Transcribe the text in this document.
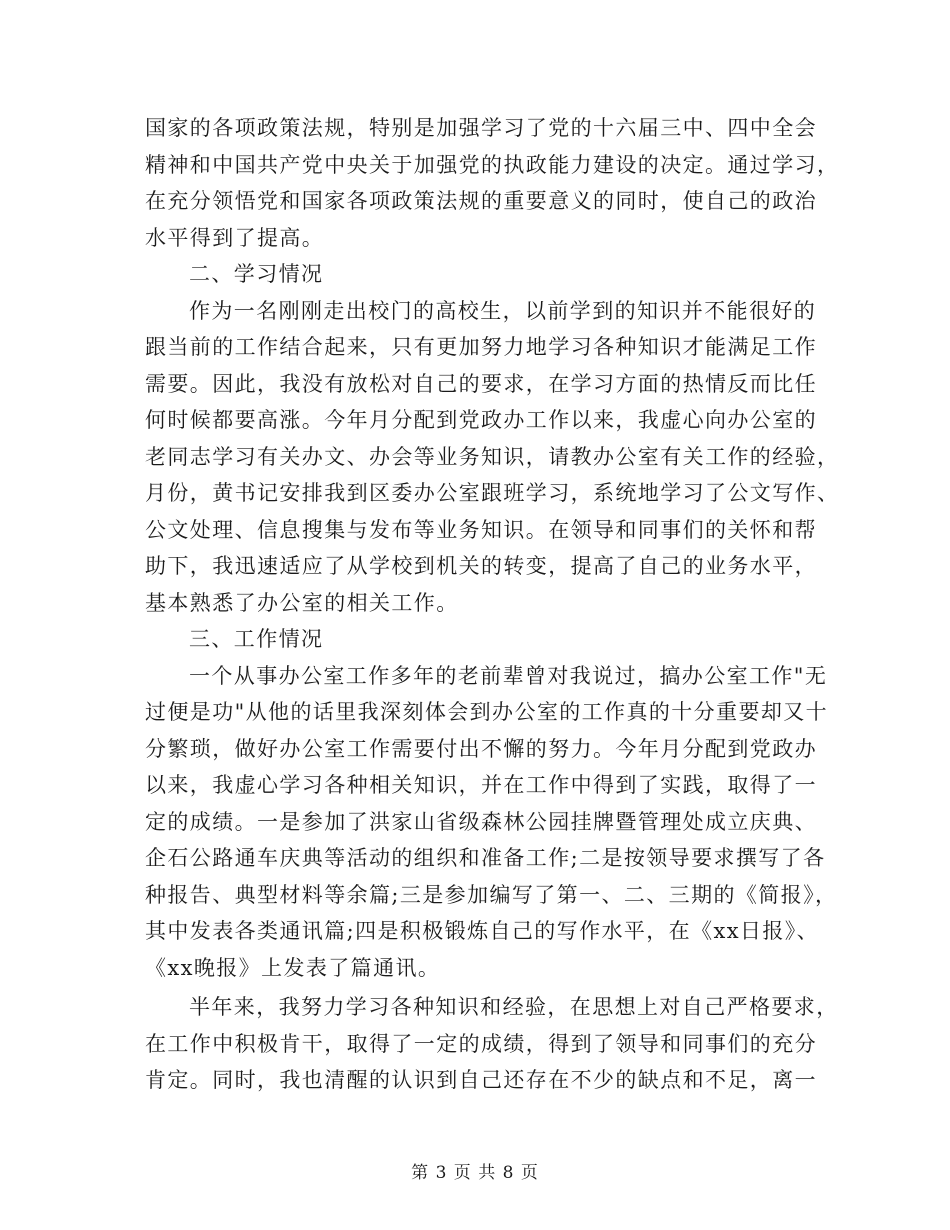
国家的各项政策法规，特别是加强学习了党的十六届三中、四中全会
精神和中国共产党中央关于加强党的执政能力建设的决定。通过学习，
在充分领悟党和国家各项政策法规的重要意义的同时，使自己的政治
水平得到了提高。
二、学习情况
作为一名刚刚走出校门的高校生，以前学到的知识并不能很好的
跟当前的工作结合起来，只有更加努力地学习各种知识才能满足工作
需要。因此，我没有放松对自己的要求，在学习方面的热情反而比任
何时候都要高涨。今年月分配到党政办工作以来，我虚心向办公室的
老同志学习有关办文、办会等业务知识，请教办公室有关工作的经验，
月份，黄书记安排我到区委办公室跟班学习，系统地学习了公文写作、
公文处理、信息搜集与发布等业务知识。在领导和同事们的关怀和帮
助下，我迅速适应了从学校到机关的转变，提高了自己的业务水平，
基本熟悉了办公室的相关工作。
三、工作情况
一个从事办公室工作多年的老前辈曾对我说过，搞办公室工作"无
过便是功"从他的话里我深刻体会到办公室的工作真的十分重要却又十
分繁琐，做好办公室工作需要付出不懈的努力。今年月分配到党政办
以来，我虚心学习各种相关知识，并在工作中得到了实践，取得了一
定的成绩。一是参加了洪家山省级森林公园挂牌暨管理处成立庆典、
企石公路通车庆典等活动的组织和准备工作;二是按领导要求撰写了各
种报告、典型材料等余篇;三是参加编写了第一、二、三期的《简报》，
其中发表各类通讯篇;四是积极锻炼自己的写作水平，在《xx日报》、
《xx晚报》上发表了篇通讯。
半年来，我努力学习各种知识和经验，在思想上对自己严格要求，
在工作中积极肯干，取得了一定的成绩，得到了领导和同事们的充分
肯定。同时，我也清醒的认识到自己还存在不少的缺点和不足，离一
第 3 页 共 8 页
